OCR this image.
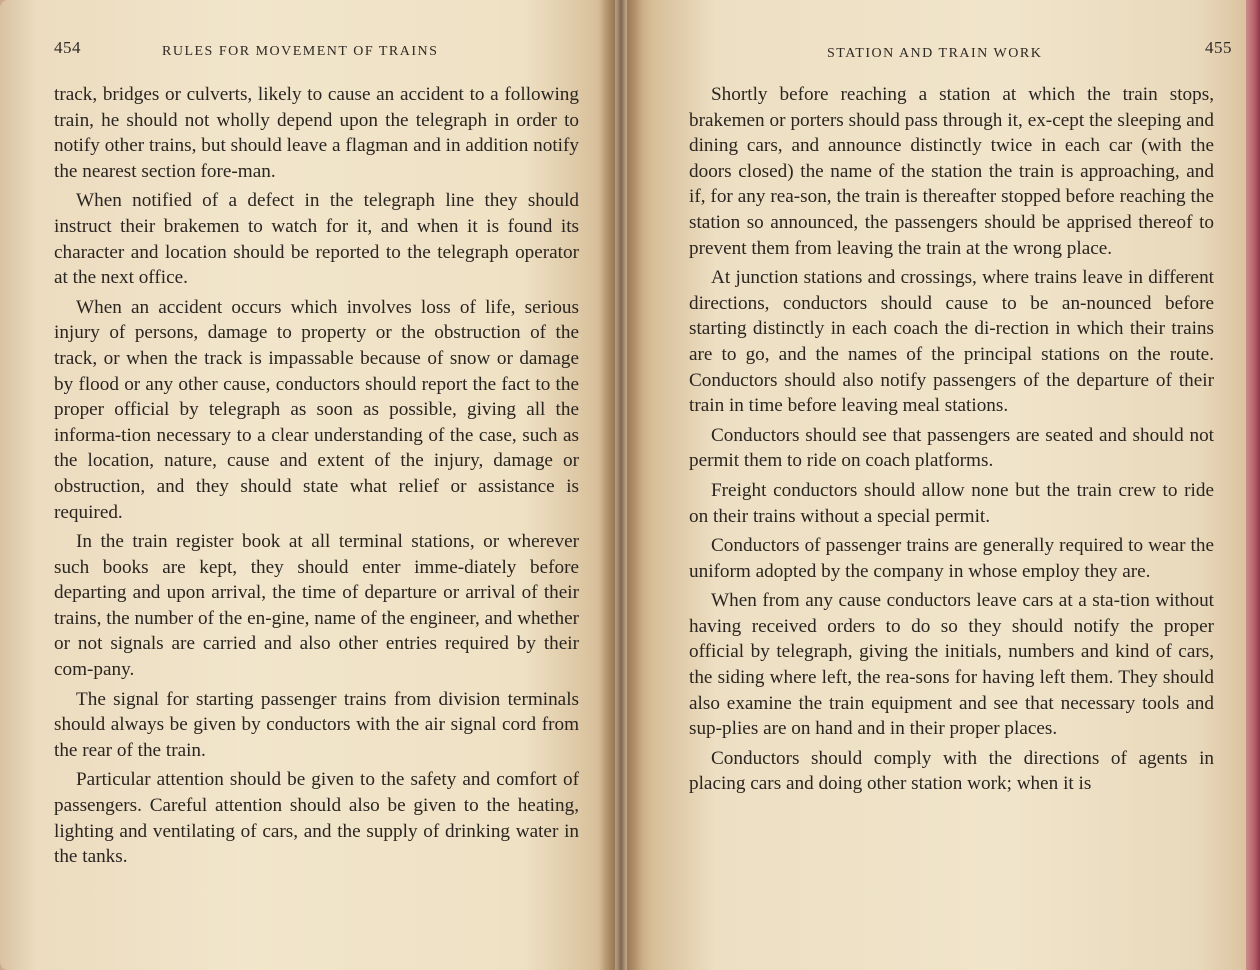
454	RULES FOR MOVEMENT OF TRAINS

track, bridges or culverts, likely to cause an accident to a following train, he should not wholly depend upon the telegraph in order to notify other trains, but should leave a flagman and in addition notify the nearest section fore-man.

When notified of a defect in the telegraph line they should instruct their brakemen to watch for it, and when it is found its character and location should be reported to the telegraph operator at the next office.

When an accident occurs which involves loss of life, serious injury of persons, damage to property or the obstruction of the track, or when the track is impassable because of snow or damage by flood or any other cause, conductors should report the fact to the proper official by telegraph as soon as possible, giving all the informa-tion necessary to a clear understanding of the case, such as the location, nature, cause and extent of the injury, damage or obstruction, and they should state what relief or assistance is required.

In the train register book at all terminal stations, or wherever such books are kept, they should enter imme-diately before departing and upon arrival, the time of departure or arrival of their trains, the number of the en-gine, name of the engineer, and whether or not signals are carried and also other entries required by their com-pany.

The signal for starting passenger trains from division terminals should always be given by conductors with the air signal cord from the rear of the train.

Particular attention should be given to the safety and comfort of passengers. Careful attention should also be given to the heating, lighting and ventilating of cars, and the supply of drinking water in the tanks.

STATION AND TRAIN WORK	455

Shortly before reaching a station at which the train stops, brakemen or porters should pass through it, ex-cept the sleeping and dining cars, and announce distinctly twice in each car (with the doors closed) the name of the station the train is approaching, and if, for any rea-son, the train is thereafter stopped before reaching the station so announced, the passengers should be apprised thereof to prevent them from leaving the train at the wrong place.

At junction stations and crossings, where trains leave in different directions, conductors should cause to be an-nounced before starting distinctly in each coach the di-rection in which their trains are to go, and the names of the principal stations on the route. Conductors should also notify passengers of the departure of their train in time before leaving meal stations.

Conductors should see that passengers are seated and should not permit them to ride on coach platforms.

Freight conductors should allow none but the train crew to ride on their trains without a special permit.

Conductors of passenger trains are generally required to wear the uniform adopted by the company in whose employ they are.

When from any cause conductors leave cars at a sta-tion without having received orders to do so they should notify the proper official by telegraph, giving the initials, numbers and kind of cars, the siding where left, the rea-sons for having left them. They should also examine the train equipment and see that necessary tools and sup-plies are on hand and in their proper places.

Conductors should comply with the directions of agents in placing cars and doing other station work; when it is
